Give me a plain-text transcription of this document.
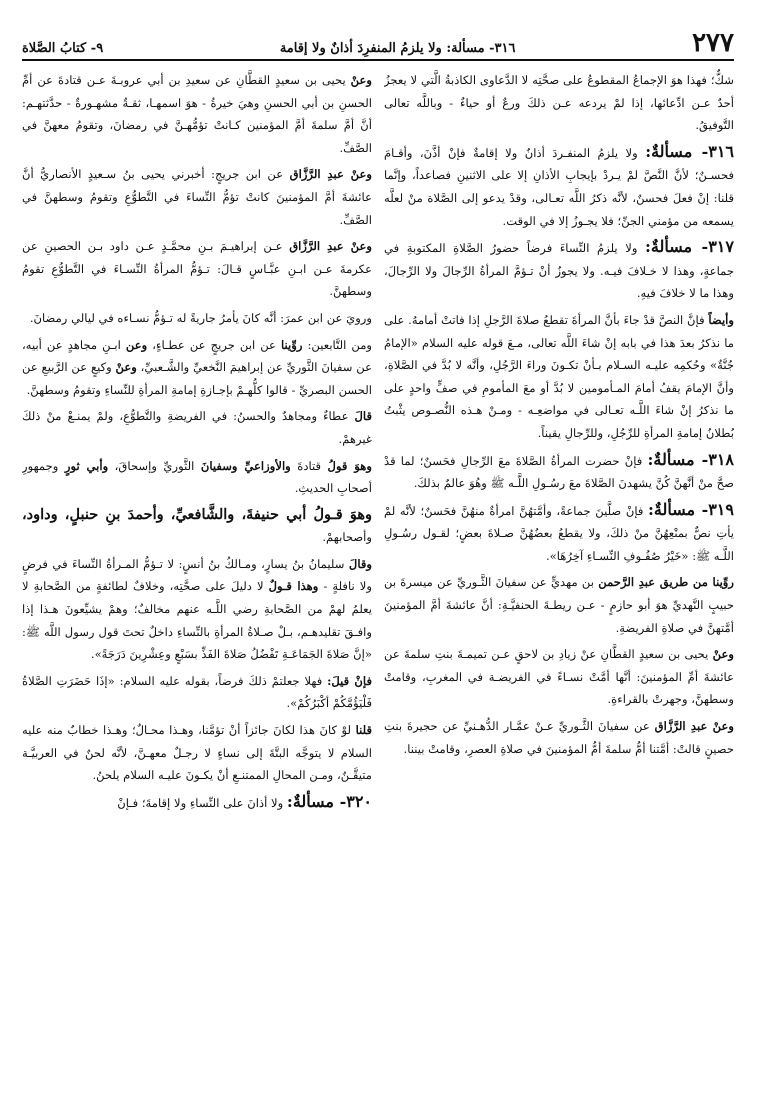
٢٧٧
٣١٦- مسألة: ولا يلزمُ المنفرِدَ أذانٌ ولا إقامة
٩- كتابُ الصَّلاة

شكٌّ؛ فهذا هوَ الإجماعُ المقطوعُ على صحَّتِه لا الدَّعاوى الكاذبةُ الَّتي لا يعجزُ أحدٌ عـن ادِّعائها، إذا لمْ يردعه عـن ذلكَ ورعٌ أو حياءٌ - وباللَّه تعالى التَّوفيقُ.

٣١٦- مسألةٌ: ولا يلزمُ المنفـردَ أذانٌ ولا إقامةٌ فإنْ أذَّنَ، وأقـامَ فحسـنٌ؛ لأنَّ النَّصَّ لمْ يـردْ بإيجابِ الأذانِ إلا على الاثنينِ فصاعداً، وإنَّما قلنا: إنْ فعلَ فحسنٌ، لأنَّه ذكرُ اللَّه تعـالى، وقدْ يدعو إلى الصَّلاة منْ لعلَّه يسمعه من مؤمني الجنِّ؛ فلا يجـوزُ إلا في الوقت.

٣١٧- مسألةٌ: ولا يلزمُ النِّساءَ فرضاً حضورُ الصَّلاةِ المكتوبةِ في جماعةٍ، وهذا لا خـلافَ فيـه. ولا يجوزُ أنْ تـؤمَّ المرأةُ الرِّجالَ ولا الرِّجالَ، وهذا ما لا خلافَ فيهِ.

وأيضاً فإنَّ النصَّ قدْ جاءَ بأنَّ المرأةَ تقطعُ صلاةَ الرَّجلِ إذا فاتتْ أمامهُ. على ما نذكرُ بعدَ هذا في بابه إنْ شاءَ اللَّه تعالى، مـعَ قوله عليه السلام «الإمامُ جُنَّةٌ» وحُكمِه عليـه السـلام بـأنْ تكـونَ وراءَ الرَّجُلِ، وأنَّه لا بُدَّ في الصَّلاةِ، وأنَّ الإمامَ يقفُ أمامَ المـأمومين لا بُدَّ أو معَ المأمومِ في صفٍّ واحدٍ على ما نذكرُ إنْ شاءَ اللَّـه تعـالى في مواضعِـه - ومـنْ هـذه النُّصـوص يثْبتُ بُطلانُ إمامةِ المرأةِ للرِّجُلِ، وللرِّجالِ يقيناً.

٣١٨- مسألةٌ: فإنْ حضرت المرأةُ الصَّلاةَ معَ الرِّجالِ فحَسنٌ؛ لما قدْ صحَّ منْ أنَّهنَّ كُنَّ يشهدنَ الصَّلاةَ معَ رسُـولِ اللَّـه ﷺ وهُوَ عالمٌ بذلكَ.

٣١٩- مسألةٌ: فإنْ صلَّينَ جماعةً، وأمَّتهُنَّ امرأةٌ منهُنَّ فحَسنٌ؛ لأنَّه لمْ يأتِ نصٌّ بمنْعِهُنَّ منْ ذلكَ، ولا يقطعُ بعضُهُنَّ صـلاةَ بعضٍ؛ لقـول رسُـولِ اللَّـه ﷺ: «خَيْرُ صُفُـوفِ النِّسـاءِ آخِرُهَا».

روِّينا من طريق عبدِ الرَّحمن بن مهديٍّ عن سفيانَ الثَّـوريِّ عن ميسرةَ بن حبيبٍ النَّهديِّ هوَ أبو حازمٍ - عـن ريطـةَ الحنفيَّـةِ: أنَّ عائشةَ أمَّ المؤمنينَ أمَّتهنَّ في صلاةِ الفريضةِ.

وعنْ يحيى بن سعيدٍ القطَّانِ عنْ زيادِ بن لاحقٍ عـن تميمـةَ بنتِ سلمةَ عن عائشةَ أمِّ المؤمنينَ: أنَّها أمَّتْ نسـاءً في الفريضـة في المغربِ، وقامتْ وسطهنَّ، وجهرتْ بالقراءةِ.

وعنْ عبدِ الرَّزَّاق عن سفيانَ الثَّـوريِّ عـنْ عمَّـار الدُّهـنيِّ عن حجيرةَ بنتِ حصينٍ قالتْ: أمَّتنا أمُّ سلمةَ أمُّ المؤمنينَ في صلاةِ العصرِ، وقامتْ بيننا.

وعنْ يحيى بن سعيدٍ القطَّانِ عن سعيدِ بن أبي عروبـةَ عـن قتادةَ عن أمِّ الحسنِ بن أبي الحسنِ وهيَ خيرةُ - هوَ اسمهـا، ثقـةٌ مشهـورةٌ - حدَّثتهـم: أنَّ أمَّ سلمةَ أمَّ المؤمنين كـانتْ تؤمُّهـنَّ في رمضانَ، وتقومُ معهنَّ في الصَّفِّ.

وعنْ عبدِ الرَّزَّاق عن ابن جريجٍ: أخبرني يحيى بنُ سـعيدٍ الأنصاريُّ أنَّ عائشةَ أمَّ المؤمنينَ كانتْ تؤمُّ النِّساءَ في التَّطوُّعِ وتقومُ وسطهنَّ في الصَّفِّ.

وعنْ عبدِ الرَّزَّاق عـن إبراهيـمَ بـنِ محمَّـدٍ عـن داود بـن الحصينِ عن عكرمةَ عـن ابـنِ عبَّـاسٍ قـالَ: تـؤمُّ المرأةُ النِّسـاءَ في التَّطوُّعِ تقومُ وسطهنَّ.

ورويَ عن ابن عمرَ: أنَّه كانَ يأمرُ جاريةً له تـؤمُّ نسـاءه في ليالي رمضانَ.

ومن التَّابعين: روِّينا عن ابن جريجٍ عن عطـاءٍ، وعن ابـنِ مجاهدٍ عن أبيه، عن سفيانَ الثَّوريِّ عن إبراهيمَ النَّخعيِّ والشَّـعبيِّ، وعنْ وكيعٍ عن الرَّبيعِ عن الحسن البصريِّ - قالوا كلُّهـمْ بإجـازةِ إمامةِ المرأةِ للنِّساءِ وتقومُ وسطهنَّ.

قالَ عطاءٌ ومجاهدٌ والحسنُ: في الفريضةِ والتَّطوُّعِ، ولمْ يمنـعْ منْ ذلكَ غيرهمْ.

وهوَ قولُ قتادةَ والأوزاعيِّ وسفيانَ الثَّوريِّ وإسحاقَ، وأبي ثورٍ وجمهورِ أصحابِ الحديثِ.

وهوَ قـولُ أبي حنيفةَ، والشَّافعيِّ، وأحمدَ بنِ حنبلٍ، وداود، وأصحابهمْ.

وقالَ سليمانُ بنُ يسارٍ، ومـالكُ بنُ أنسٍ: لا تـؤمُّ المـرأةُ النِّساءَ في فرضٍ ولا نافلةٍ - وهذا قـولٌ لا دليلَ على صحَّتِه، وخلافٌ لطائفةٍ من الصَّحابةِ لا يعلمُ لهمْ من الصَّحابةِ رضي اللَّـه عنهم مخالفٌ؛ وهمْ يشيِّعونَ هـذا إذا وافـقَ تقليدهـم، بـلْ صـلاةُ المرأةِ بالنِّساءِ داخلٌ تحتَ قول رسول اللَّه ﷺ: «إنَّ صَلاةَ الجَمَاعَـةِ تَفْضُلُ صَلاةَ الفَذِّ بسَبْعٍ وعِشْرِينَ دَرَجَةً».

فإنْ قيلَ: فهلا جعلتمْ ذلكَ فرضاً، بقوله عليه السلام: «إذَا حَضَرَتِ الصَّلاةُ فَلْيَؤُمَّكُمْ أكْبَرُكُمْ».

قلنا لوْ كانَ هذا لكانَ جائزاً أنْ تؤمَّنا، وهـذا محـالٌ؛ وهـذا خطابٌ منه عليه السلام لا يتوجَّه البتَّةَ إلى نساءٍ لا رجـلٌ معهـنَّ، لأنَّه لحنٌ في العربيَّـة متيقَّـنٌ، ومـن المحالِ الممتنـعِ أنْ يكـونَ عليـه السلام يلحنُ.

٣٢٠- مسألةٌ: ولا أذانَ على النِّساءِ ولا إقامةَ؛ فـإنْ
